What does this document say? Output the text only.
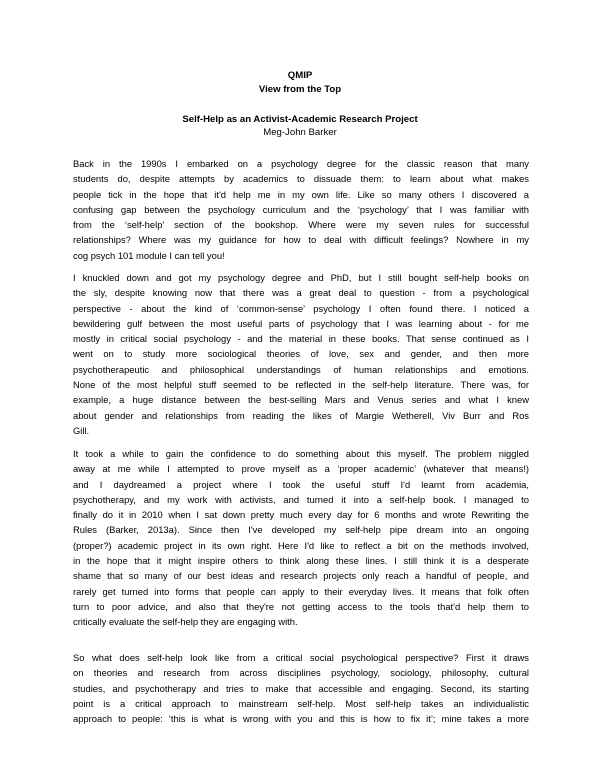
QMIP
View from the Top
Self-Help as an Activist-Academic Research Project
Meg-John Barker
Back in the 1990s I embarked on a psychology degree for the classic reason that many
students do, despite attempts by academics to dissuade them: to learn about what makes
people tick in the hope that it'd help me in my own life. Like so many others I discovered a
confusing gap between the psychology curriculum and the ‘psychology’ that I was familiar with
from the ‘self-help’ section of the bookshop. Where were my seven rules for successful
relationships? Where was my guidance for how to deal with difficult feelings? Nowhere in my
cog psych 101 module I can tell you!
I knuckled down and got my psychology degree and PhD, but I still bought self-help books on
the sly, despite knowing now that there was a great deal to question - from a psychological
perspective - about the kind of ‘common-sense’ psychology I often found there. I noticed a
bewildering gulf between the most useful parts of psychology that I was learning about - for me
mostly in critical social psychology - and the material in these books. That sense continued as I
went on to study more sociological theories of love, sex and gender, and then more
psychotherapeutic and philosophical understandings of human relationships and emotions.
None of the most helpful stuff seemed to be reflected in the self-help literature. There was, for
example, a huge distance between the best-selling Mars and Venus series and what I knew
about gender and relationships from reading the likes of Margie Wetherell, Viv Burr and Ros
Gill.
It took a while to gain the confidence to do something about this myself. The problem niggled
away at me while I attempted to prove myself as a ‘proper academic’ (whatever that means!)
and I daydreamed a project where I took the useful stuff I'd learnt from academia,
psychotherapy, and my work with activists, and turned it into a self-help book. I managed to
finally do it in 2010 when I sat down pretty much every day for 6 months and wrote Rewriting the
Rules (Barker, 2013a). Since then I've developed my self-help pipe dream into an ongoing
(proper?) academic project in its own right. Here I'd like to reflect a bit on the methods involved,
in the hope that it might inspire others to think along these lines. I still think it is a desperate
shame that so many of our best ideas and research projects only reach a handful of people, and
rarely get turned into forms that people can apply to their everyday lives. It means that folk often
turn to poor advice, and also that they're not getting access to the tools that'd help them to
critically evaluate the self-help they are engaging with.
So what does self-help look like from a critical social psychological perspective? First it draws
on theories and research from across disciplines psychology, sociology, philosophy, cultural
studies, and psychotherapy and tries to make that accessible and engaging. Second, its starting
point is a critical approach to mainstream self-help. Most self-help takes an individualistic
approach to people: ‘this is what is wrong with you and this is how to fix it’; mine takes a more
